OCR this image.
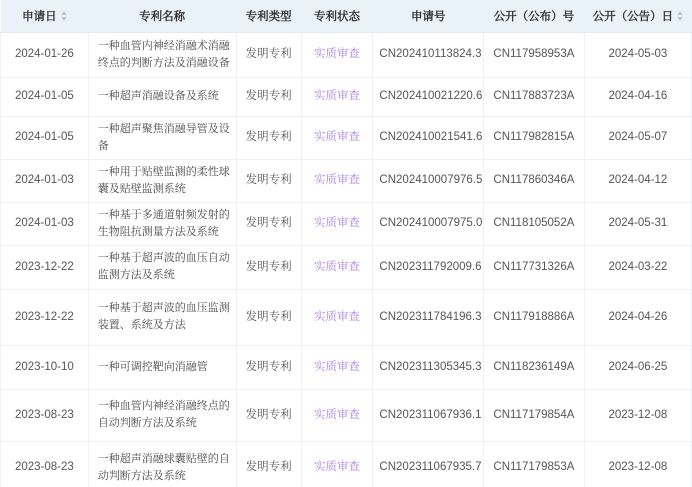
申请日	专利名称	专利类型	专利状态	申请号	公开（公布）号	公开（公告）日

2024-01-26	一种血管内神经消融术消融终点的判断方法及消融设备	发明专利	实质审查	CN202410113824.3	CN117958953A	2024-05-03
2024-01-05	一种超声消融设备及系统	发明专利	实质审查	CN202410021220.6	CN117883723A	2024-04-16
2024-01-05	一种超声聚焦消融导管及设备	发明专利	实质审查	CN202410021541.6	CN117982815A	2024-05-07
2024-01-03	一种用于贴壁监测的柔性球囊及贴壁监测系统	发明专利	实质审查	CN202410007976.5	CN117860346A	2024-04-12
2024-01-03	一种基于多通道射频发射的生物阻抗测量方法及系统	发明专利	实质审查	CN202410007975.0	CN118105052A	2024-05-31
2023-12-22	一种基于超声波的血压自动监测方法及系统	发明专利	实质审查	CN202311792009.6	CN117731326A	2024-03-22
2023-12-22	一种基于超声波的血压监测装置、系统及方法	发明专利	实质审查	CN202311784196.3	CN117918886A	2024-04-26
2023-10-10	一种可调控靶向消融管	发明专利	实质审查	CN202311305345.3	CN118236149A	2024-06-25
2023-08-23	一种血管内神经消融终点的自动判断方法及系统	发明专利	实质审查	CN202311067936.1	CN117179854A	2023-12-08
2023-08-23	一种超声消融球囊贴壁的自动判断方法及系统	发明专利	实质审查	CN202311067935.7	CN117179853A	2023-12-08
